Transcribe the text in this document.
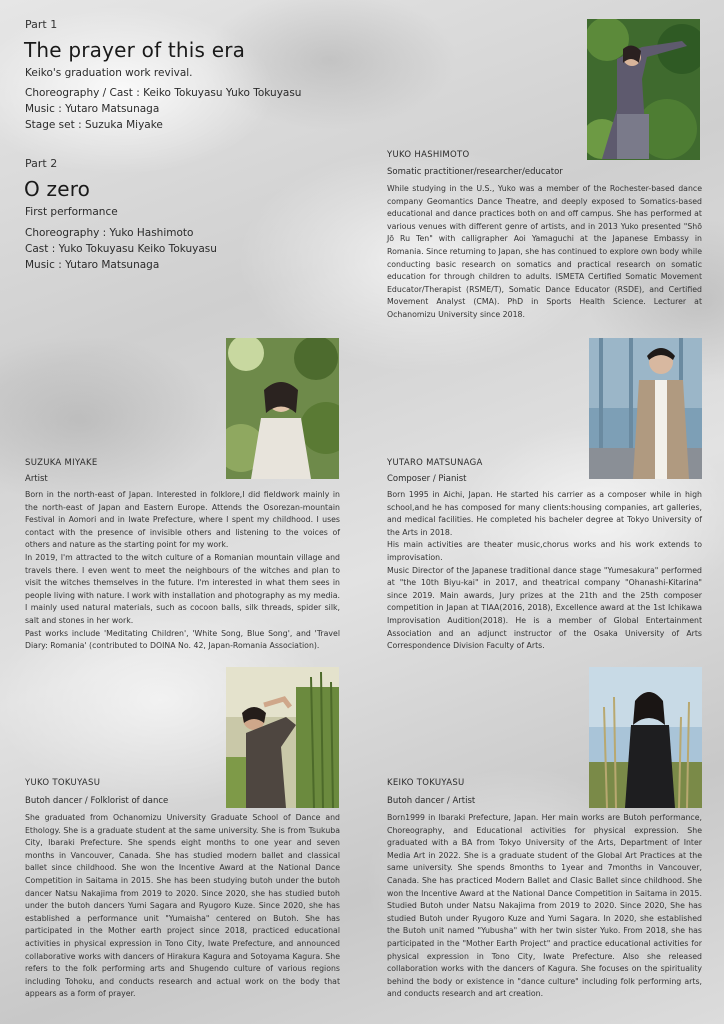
Part 1
The prayer of this era
Keiko's graduation work revival.
Choreography / Cast : Keiko Tokuyasu Yuko Tokuyasu
Music : Yutaro Matsunaga
Stage set : Suzuka Miyake
Part 2
O zero
First performance
Choreography : Yuko Hashimoto
Cast : Yuko Tokuyasu Keiko Tokuyasu
Music : Yutaro Matsunaga
YUKO HASHIMOTO
Somatic practitioner/researcher/educator
While studying in the U.S., Yuko was a member of the Rochester-based dance company Geomantics Dance Theatre, and deeply exposed to Somatics-based educational and dance practices both on and off campus. She has performed at various venues with different genre of artists, and in 2013 Yuko presented "Shō Jō Ru Ten" with calligrapher Aoi Yamaguchi at the Japanese Embassy in Romania. Since returning to Japan, she has continued to explore own body while conducting basic research on somatics and practical research on somatic education for through children to adults. ISMETA Certified Somatic Movement Educator/Therapist (RSME/T), Somatic Dance Educator (RSDE), and Certified Movement Analyst (CMA). PhD in Sports Health Science. Lecturer at Ochanomizu University since 2018.
SUZUKA MIYAKE
Artist

Born in the north-east of Japan. Interested in folklore,I did fieldwork mainly in the north-east of Japan and Eastern Europe. Attends the Osorezan-mountain Festival in Aomori and in Iwate Prefecture, where I spent my childhood. I uses contact with the presence of invisible others and listening to the voices of others and nature as the starting point for my work.

In 2019, I'm attracted to the witch culture of a Romanian mountain village and travels there. I even went to meet the neighbours of the witches and plan to visit the witches themselves in the future. I'm interested in what them sees in people living with nature. I work with installation and photography as my media. I mainly used natural materials, such as cocoon balls, silk threads, spider silk, salt and stones in her work.

Past works include 'Meditating Children', 'White Song, Blue Song', and 'Travel Diary: Romania' (contributed to DOINA No. 42, Japan-Romania Association).

YUTARO MATSUNAGA
Composer / Pianist

Born 1995 in Aichi, Japan. He started his carrier as a composer while in high school,and he has composed for many clients:housing companies, art galleries, and medical facilities. He completed his bacheler degree at Tokyo University of the Arts in 2018.

His main activities are theater music,chorus works and his work extends to improvisation.

Music Director of the Japanese traditional dance stage "Yumesakura" performed at "the 10th Biyu-kai" in 2017, and theatrical company "Ohanashi-Kitarina" since 2019. Main awards, Jury prizes at the 21th and the 25th composer competition in Japan at TIAA(2016, 2018), Excellence award at the 1st Ichikawa Improvisation Audition(2018). He is a member of Global Entertainment Association and an adjunct instructor of the Osaka University of Arts Correspondence Division Faculty of Arts.

YUKO TOKUYASU
Butoh dancer / Folklorist of dance
She graduated from Ochanomizu University Graduate School of Dance and Ethology. She is a graduate student at the same university. She is from Tsukuba City, Ibaraki Prefecture. She spends eight months to one year and seven months in Vancouver, Canada. She has studied modern ballet and classical ballet since childhood. She won the Incentive Award at the National Dance Competition in Saitama in 2015. She has been studying butoh under the butoh dancer Natsu Nakajima from 2019 to 2020. Since 2020, she has studied butoh under the butoh dancers Yumi Sagara and Ryugoro Kuze. Since 2020, she has established a performance unit "Yumaisha" centered on Butoh. She has participated in the Mother earth project since 2018, practiced educational activities in physical expression in Tono City, Iwate Prefecture, and announced collaborative works with dancers of Hirakura Kagura and Sotoyama Kagura. She refers to the folk performing arts and Shugendo culture of various regions including Tohoku, and conducts research and actual work on the body that appears as a form of prayer.
KEIKO TOKUYASU
Butoh dancer / Artist
Born1999 in Ibaraki Prefecture, Japan. Her main works are Butoh performance, Choreography, and Educational activities for physical expression. She graduated with a BA from Tokyo University of the Arts, Department of Inter Media Art in 2022. She is a graduate student of the Global Art Practices at the same university. She spends 8months to 1year and 7months in Vancouver, Canada. She has practiced Modern Ballet and Clasic Ballet since childhood. She won the Incentive Award at the National Dance Competition in Saitama in 2015. Studied Butoh under Natsu Nakajima from 2019 to 2020. Since 2020, She has studied Butoh under Ryugoro Kuze and Yumi Sagara. In 2020, she established the Butoh unit named "Yubusha" with her twin sister Yuko. From 2018, she has participated in the "Mother Earth Project" and practice educational activities for physical expression in Tono City, Iwate Prefecture. Also she released collaboration works with the dancers of Kagura. She focuses on the spirituality behind the body or existence in "dance culture" including folk performing arts, and conducts research and art creation.
